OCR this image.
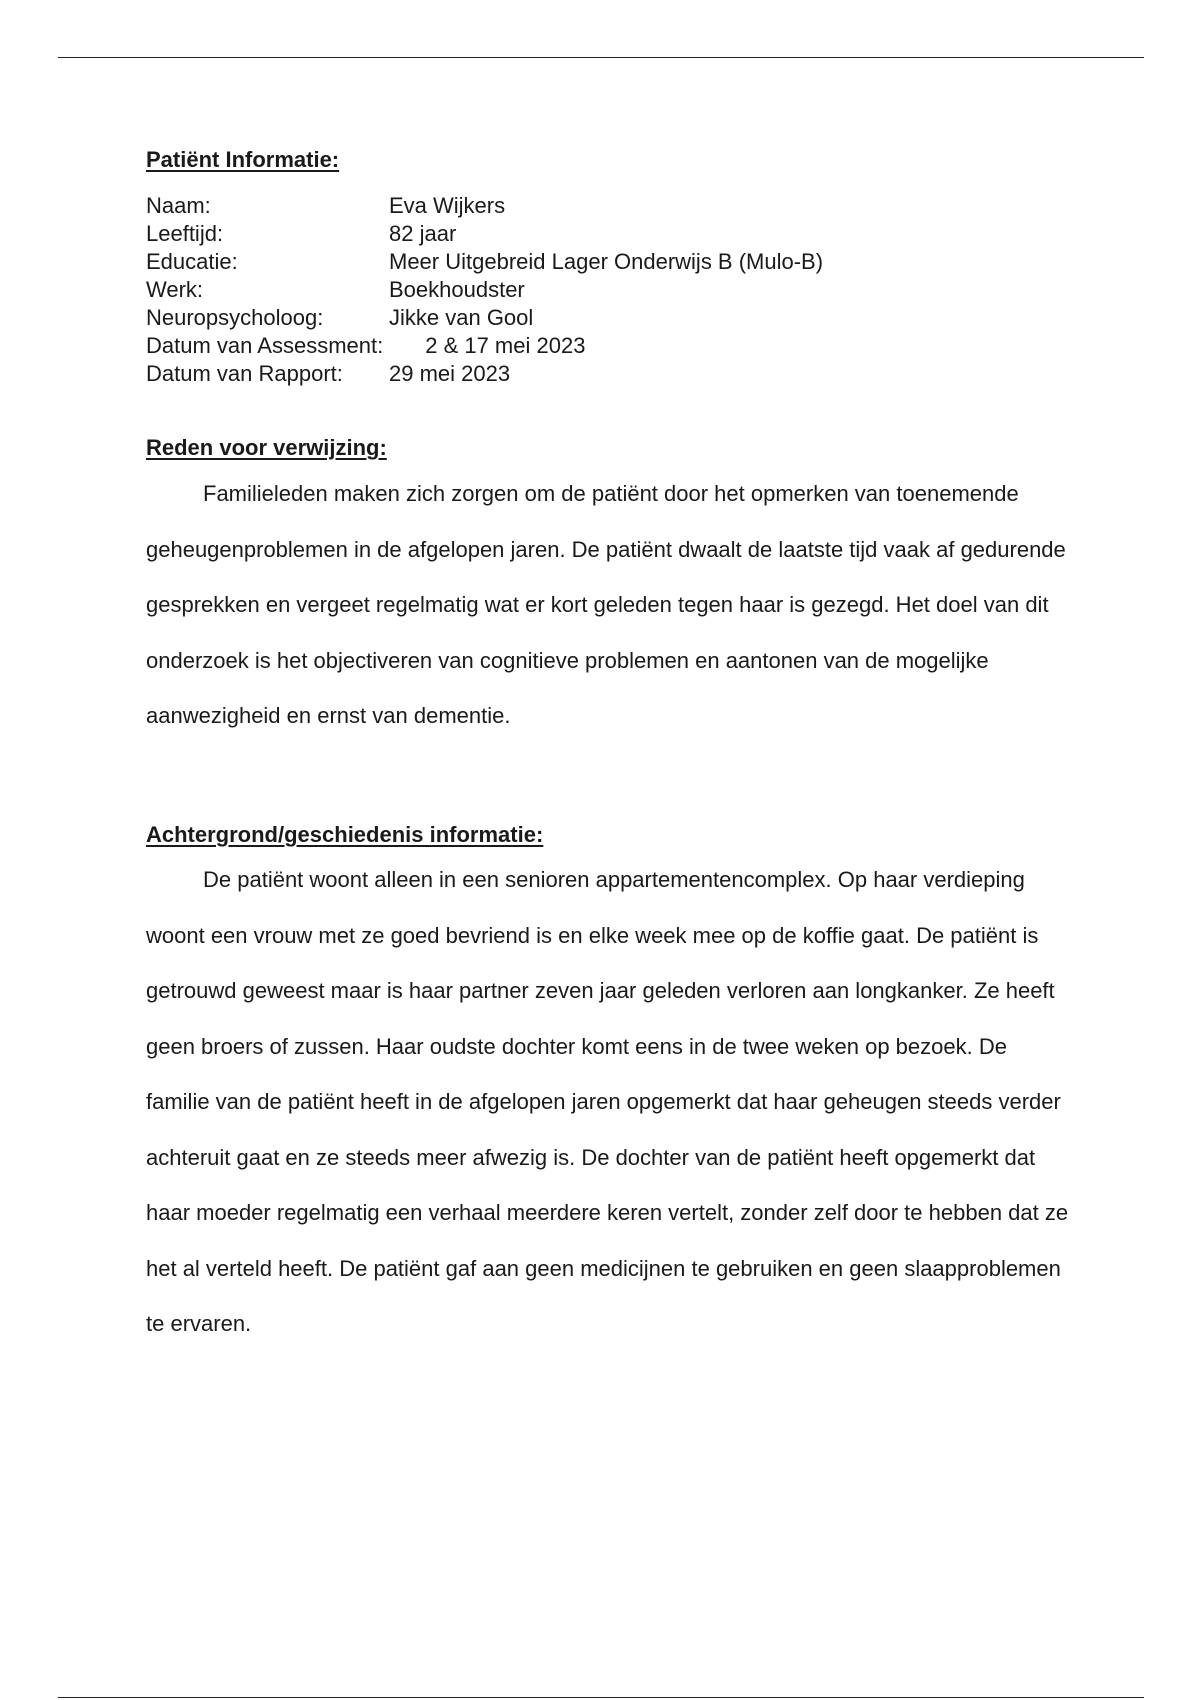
Patiënt Informatie:
Naam:	Eva Wijkers
Leeftijd:	82 jaar
Educatie:	Meer Uitgebreid Lager Onderwijs B (Mulo-B)
Werk:	Boekhoudster
Neuropsycholoog:	Jikke van Gool
Datum van Assessment: 2 & 17 mei 2023
Datum van Rapport:	29 mei 2023
Reden voor verwijzing:

Familieleden maken zich zorgen om de patiënt door het opmerken van toenemende geheugenproblemen in de afgelopen jaren. De patiënt dwaalt de laatste tijd vaak af gedurende gesprekken en vergeet regelmatig wat er kort geleden tegen haar is gezegd. Het doel van dit onderzoek is het objectiveren van cognitieve problemen en aantonen van de mogelijke aanwezigheid en ernst van dementie.

Achtergrond/geschiedenis informatie:

De patiënt woont alleen in een senioren appartementencomplex. Op haar verdieping woont een vrouw met ze goed bevriend is en elke week mee op de koffie gaat. De patiënt is getrouwd geweest maar is haar partner zeven jaar geleden verloren aan longkanker. Ze heeft geen broers of zussen. Haar oudste dochter komt eens in de twee weken op bezoek. De familie van de patiënt heeft in de afgelopen jaren opgemerkt dat haar geheugen steeds verder achteruit gaat en ze steeds meer afwezig is. De dochter van de patiënt heeft opgemerkt dat haar moeder regelmatig een verhaal meerdere keren vertelt, zonder zelf door te hebben dat ze het al verteld heeft. De patiënt gaf aan geen medicijnen te gebruiken en geen slaapproblemen te ervaren.
